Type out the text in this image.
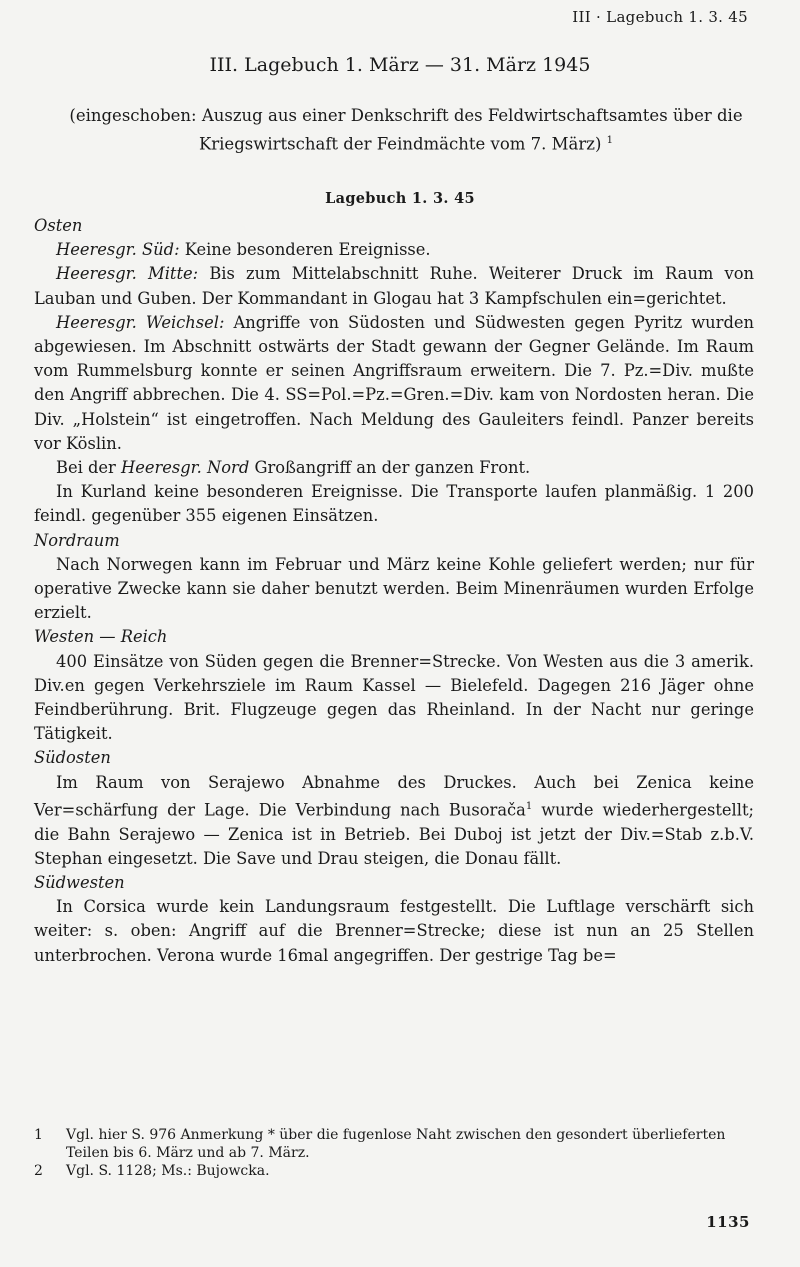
III · Lagebuch 1. 3. 45
III. Lagebuch 1. März — 31. März 1945
(eingeschoben: Auszug aus einer Denkschrift des Feldwirtschaftsamtes über die Kriegswirtschaft der Feindmächte vom 7. März) $^1$
Lagebuch 1. 3. 45

Osten

Heeresgr. Süd: Keine besonderen Ereignisse.

Heeresgr. Mitte: Bis zum Mittelabschnitt Ruhe. Weiterer Druck im Raum von Lauban und Guben. Der Kommandant in Glogau hat 3 Kampfschulen ein=gerichtet.

Heeresgr. Weichsel: Angriffe von Südosten und Südwesten gegen Pyritz wurden abgewiesen. Im Abschnitt ostwärts der Stadt gewann der Gegner Gelände. Im Raum vom Rummelsburg konnte er seinen Angriffsraum erweitern. Die 7. Pz.=Div. mußte den Angriff abbrechen. Die 4. SS=Pol.=Pz.=Gren.=Div. kam von Nordosten heran. Die Div. „Holstein“ ist eingetroffen. Nach Meldung des Gauleiters feindl. Panzer bereits vor Köslin.

Bei der Heeresgr. Nord Großangriff an der ganzen Front.

In Kurland keine besonderen Ereignisse. Die Transporte laufen planmäßig. 1 200 feindl. gegenüber 355 eigenen Einsätzen.

Nordraum

Nach Norwegen kann im Februar und März keine Kohle geliefert werden; nur für operative Zwecke kann sie daher benutzt werden. Beim Minenräumen wurden Erfolge erzielt.

Westen — Reich

400 Einsätze von Süden gegen die Brenner=Strecke. Von Westen aus die 3 amerik. Div.en gegen Verkehrsziele im Raum Kassel — Bielefeld. Dagegen 216 Jäger ohne Feindberührung. Brit. Flugzeuge gegen das Rheinland. In der Nacht nur geringe Tätigkeit.

Südosten

Im Raum von Serajewo Abnahme des Druckes. Auch bei Zenica keine Ver=schärfung der Lage. Die Verbindung nach Busorača$^1$ wurde wiederhergestellt; die Bahn Serajewo — Zenica ist in Betrieb. Bei Duboj ist jetzt der Div.=Stab z.b.V. Stephan eingesetzt. Die Save und Drau steigen, die Donau fällt.

Südwesten

In Corsica wurde kein Landungsraum festgestellt. Die Luftlage verschärft sich weiter: s. oben: Angriff auf die Brenner=Strecke; diese ist nun an 25 Stellen unterbrochen. Verona wurde 16mal angegriffen. Der gestrige Tag be=

1	Vgl. hier S. 976 Anmerkung * über die fugenlose Naht zwischen den gesondert überlieferten Teilen bis 6. März und ab 7. März.
2	Vgl. S. 1128; Ms.: Bujowcka.
1135
